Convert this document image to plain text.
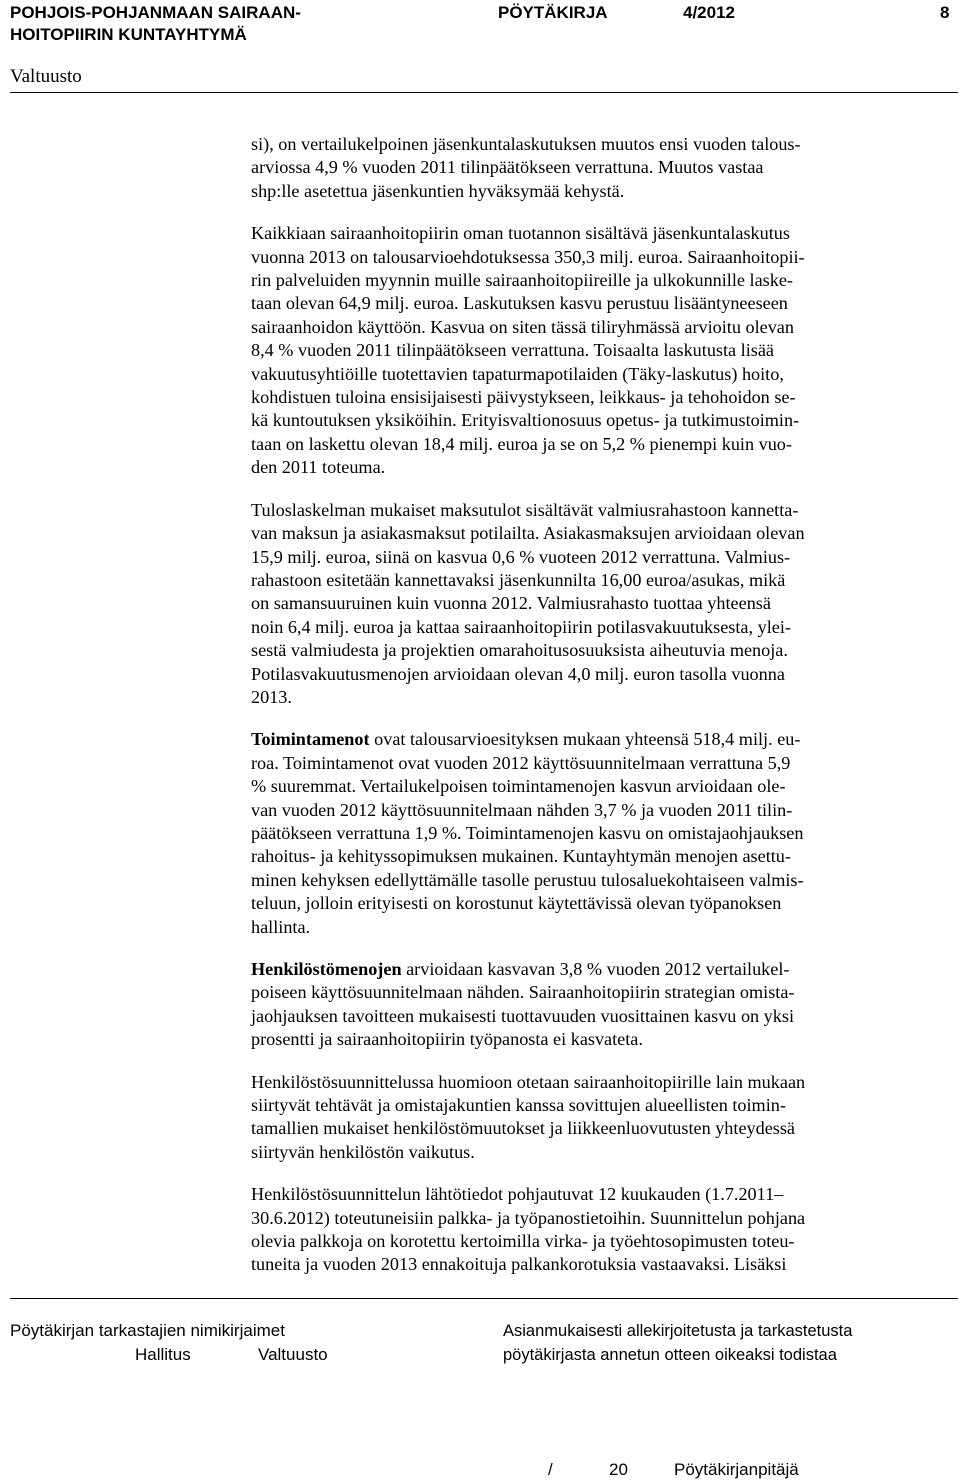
POHJOIS-POHJANMAAN SAIRAAN-
HOITOPIIRIN KUNTAYHTYMÄ
PÖYTÄKIRJA	4/2012	8
Valtuusto

si), on vertailukelpoinen jäsenkuntalaskutuksen muutos ensi vuoden talous-
arviossa 4,9 % vuoden 2011 tilinpäätökseen verrattuna. Muutos vastaa
shp:lle asetettua jäsenkuntien hyväksymää kehystä.

Kaikkiaan sairaanhoitopiirin oman tuotannon sisältävä jäsenkuntalaskutus
vuonna 2013 on talousarvioehdotuksessa 350,3 milj. euroa. Sairaanhoitopii-
rin palveluiden myynnin muille sairaanhoitopiireille ja ulkokunnille laske-
taan olevan 64,9 milj. euroa. Laskutuksen kasvu perustuu lisääntyneeseen
sairaanhoidon käyttöön. Kasvua on siten tässä tiliryhmässä arvioitu olevan
8,4 % vuoden 2011 tilinpäätökseen verrattuna. Toisaalta laskutusta lisää
vakuutusyhtiöille tuotettavien tapaturmapotilaiden (Täky-laskutus) hoito,
kohdistuen tuloina ensisijaisesti päivystykseen, leikkaus- ja tehohoidon se-
kä kuntoutuksen yksiköihin. Erityisvaltionosuus opetus- ja tutkimustoimin-
taan on laskettu olevan 18,4 milj. euroa ja se on 5,2 % pienempi kuin vuo-
den 2011 toteuma.

Tuloslaskelman mukaiset maksutulot sisältävät valmiusrahastoon kannetta-
van maksun ja asiakasmaksut potilailta. Asiakasmaksujen arvioidaan olevan
15,9 milj. euroa, siinä on kasvua 0,6 % vuoteen 2012 verrattuna. Valmius-
rahastoon esitetään kannettavaksi jäsenkunnilta 16,00 euroa/asukas, mikä
on samansuuruinen kuin vuonna 2012. Valmiusrahasto tuottaa yhteensä
noin 6,4 milj. euroa ja kattaa sairaanhoitopiirin potilasvakuutuksesta, ylei-
sestä valmiudesta ja projektien omarahoitusosuuksista aiheutuvia menoja.
Potilasvakuutusmenojen arvioidaan olevan 4,0 milj. euron tasolla vuonna
2013.

Toimintamenot ovat talousarvioesityksen mukaan yhteensä 518,4 milj. eu-
roa. Toimintamenot ovat vuoden 2012 käyttösuunnitelmaan verrattuna 5,9
% suuremmat. Vertailukelpoisen toimintamenojen kasvun arvioidaan ole-
van vuoden 2012 käyttösuunnitelmaan nähden 3,7 % ja vuoden 2011 tilin-
päätökseen verrattuna 1,9 %. Toimintamenojen kasvu on omistajaohjauksen
rahoitus- ja kehityssopimuksen mukainen. Kuntayhtymän menojen asettu-
minen kehyksen edellyttämälle tasolle perustuu tulosaluekohtaiseen valmis-
teluun, jolloin erityisesti on korostunut käytettävissä olevan työpanoksen
hallinta.

Henkilöstömenojen arvioidaan kasvavan 3,8 % vuoden 2012 vertailukel-
poiseen käyttösuunnitelmaan nähden. Sairaanhoitopiirin strategian omista-
jaohjauksen tavoitteen mukaisesti tuottavuuden vuosittainen kasvu on yksi
prosentti ja sairaanhoitopiirin työpanosta ei kasvateta.

Henkilöstösuunnittelussa huomioon otetaan sairaanhoitopiirille lain mukaan
siirtyvät tehtävät ja omistajakuntien kanssa sovittujen alueellisten toimin-
tamallien mukaiset henkilöstömuutokset ja liikkeenluovutusten yhteydessä
siirtyvän henkilöstön vaikutus.

Henkilöstösuunnittelun lähtötiedot pohjautuvat 12 kuukauden (1.7.2011–
30.6.2012) toteutuneisiin palkka- ja työpanostietoihin. Suunnittelun pohjana
olevia palkkoja on korotettu kertoimilla virka- ja työehtosopimusten toteu-
tuneita ja vuoden 2013 ennakoituja palkankorotuksia vastaavaksi. Lisäksi

Pöytäkirjan tarkastajien nimikirjaimet
Hallitus	Valtuusto
Asianmukaisesti allekirjoitetusta ja tarkastetusta
pöytäkirjasta annetun otteen oikeaksi todistaa
/	20	Pöytäkirjanpitäjä
